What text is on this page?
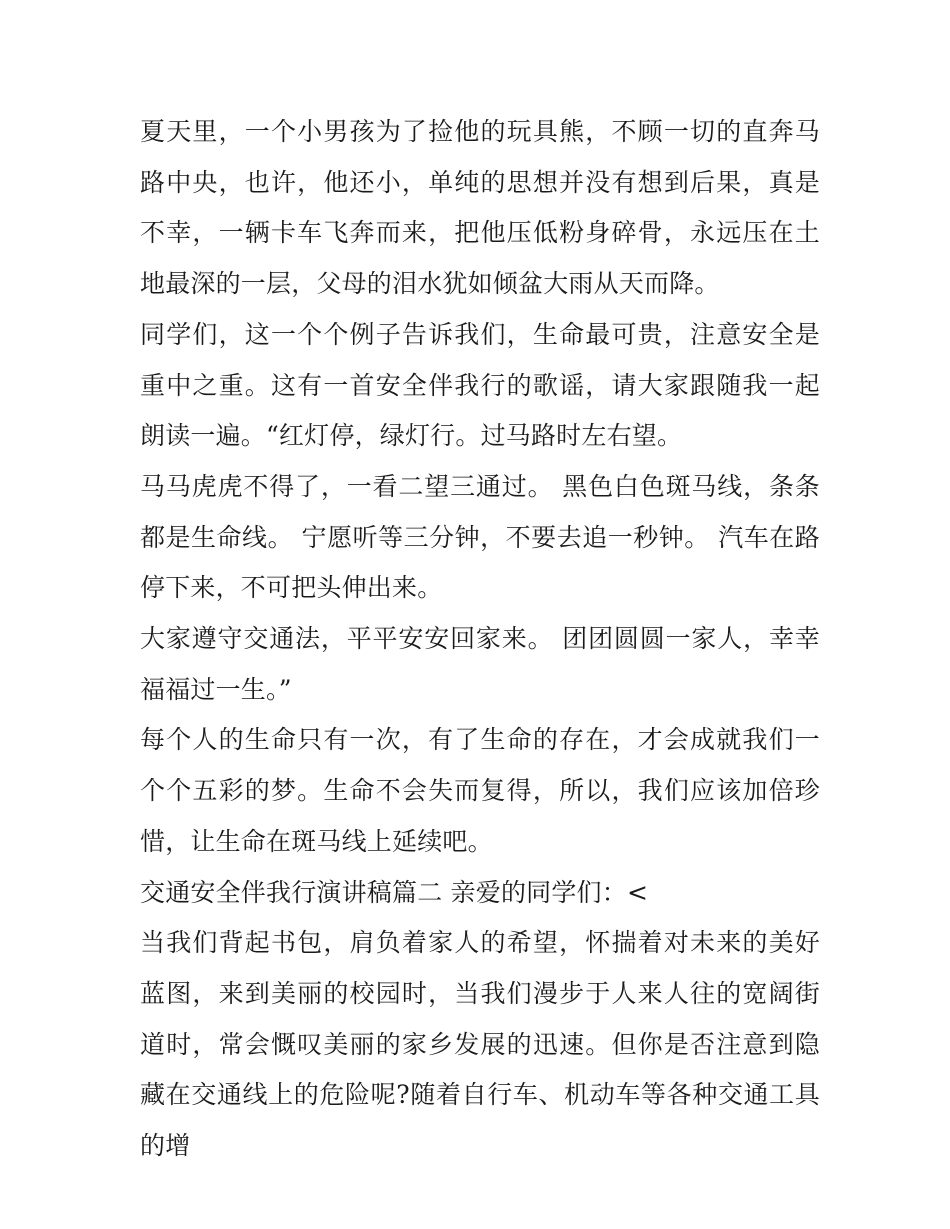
夏天里，一个小男孩为了捡他的玩具熊，不顾一切的直奔马路中央，也许，他还小，单纯的思想并没有想到后果，真是不幸，一辆卡车飞奔而来，把他压低粉身碎骨，永远压在土地最深的一层，父母的泪水犹如倾盆大雨从天而降。

同学们，这一个个例子告诉我们，生命最可贵，注意安全是重中之重。这有一首安全伴我行的歌谣，请大家跟随我一起朗读一遍。“红灯停，绿灯行。过马路时左右望。

马马虎虎不得了，一看二望三通过。 黑色白色斑马线，条条都是生命线。 宁愿听等三分钟，不要去追一秒钟。 汽车在路停下来，不可把头伸出来。

大家遵守交通法，平平安安回家来。 团团圆圆一家人，幸幸福福过一生。”

每个人的生命只有一次，有了生命的存在，才会成就我们一个个五彩的梦。生命不会失而复得，所以，我们应该加倍珍惜，让生命在斑马线上延续吧。

交通安全伴我行演讲稿篇二 亲爱的同学们：<

当我们背起书包，肩负着家人的希望，怀揣着对未来的美好蓝图，来到美丽的校园时，当我们漫步于人来人往的宽阔街道时，常会慨叹美丽的家乡发展的迅速。但你是否注意到隐藏在交通线上的危险呢?随着自行车、机动车等各种交通工具的增
